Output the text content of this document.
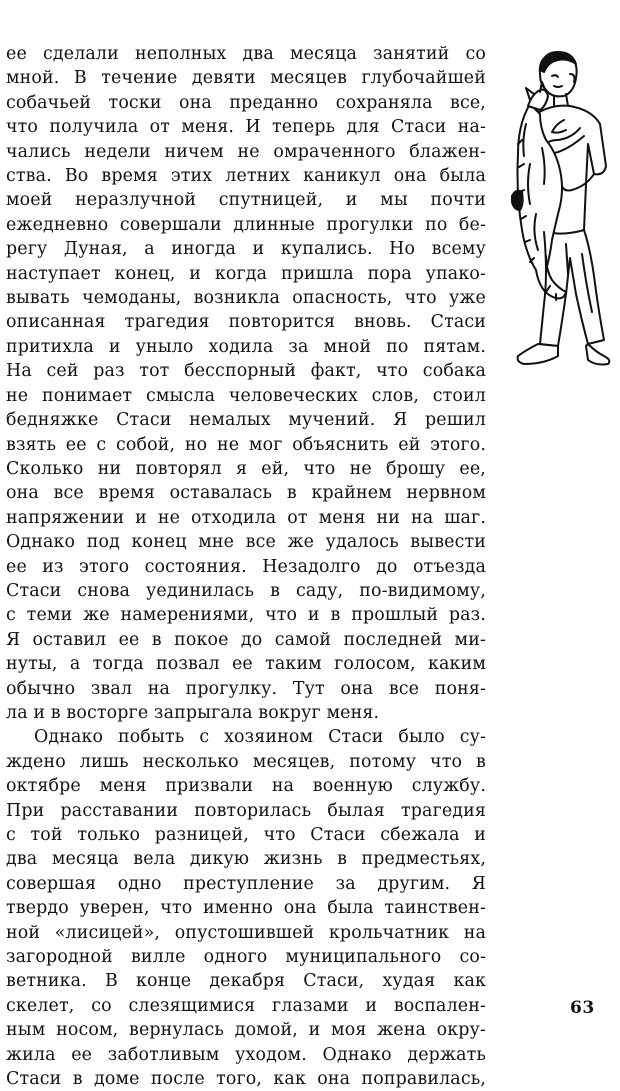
ее сделали неполных два месяца занятий со
мной. В течение девяти месяцев глубочайшей
собачьей тоски она преданно сохраняла все,
что получила от меня. И теперь для Стаси на-
чались недели ничем не омраченного блажен-
ства. Во время этих летних каникул она была
моей неразлучной спутницей, и мы почти
ежедневно совершали длинные прогулки по бе-
регу Дуная, а иногда и купались. Но всему
наступает конец, и когда пришла пора упако-
вывать чемоданы, возникла опасность, что уже
описанная трагедия повторится вновь. Стаси
притихла и уныло ходила за мной по пятам.
На сей раз тот бесспорный факт, что собака
не понимает смысла человеческих слов, стоил
бедняжке Стаси немалых мучений. Я решил
взять ее с собой, но не мог объяснить ей этого.
Сколько ни повторял я ей, что не брошу ее,
она все время оставалась в крайнем нервном
напряжении и не отходила от меня ни на шаг.
Однако под конец мне все же удалось вывести
ее из этого состояния. Незадолго до отъезда
Стаси снова уединилась в саду, по-видимому,
с теми же намерениями, что и в прошлый раз.
Я оставил ее в покое до самой последней ми-
нуты, а тогда позвал ее таким голосом, каким
обычно звал на прогулку. Тут она все поня-
ла и в восторге запрыгала вокруг меня.
Однако побыть с хозяином Стаси было су-
ждено лишь несколько месяцев, потому что в
октябре меня призвали на военную службу.
При расставании повторилась былая трагедия
с той только разницей, что Стаси сбежала и
два месяца вела дикую жизнь в предместьях,
совершая одно преступление за другим. Я
твердо уверен, что именно она была таинствен-
ной «лисицей», опустошившей крольчатник на
загородной вилле одного муниципального со-
ветника. В конце декабря Стаси, худая как
скелет, со слезящимися глазами и воспален-
ным носом, вернулась домой, и моя жена окру-
жила ее заботливым уходом. Однако держать
Стаси в доме после того, как она поправилась,
63
